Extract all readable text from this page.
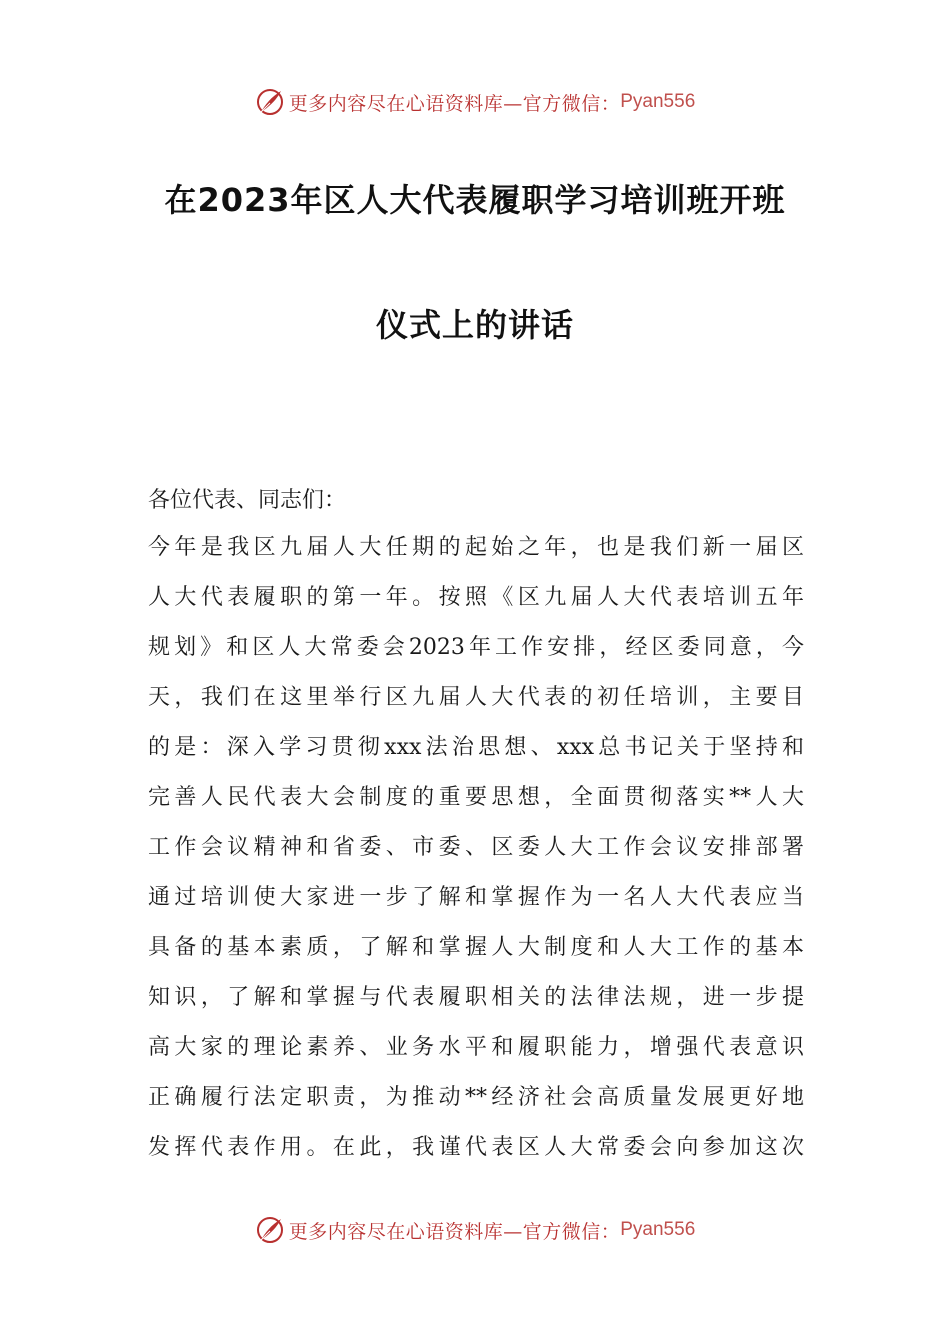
更多内容尽在心语资料库—官方微信： Pyan556
在2023年区人大代表履职学习培训班开班
仪式上的讲话
各位代表、同志们：
今年是我区九届人大任期的起始之年，也是我们新一届区
人大代表履职的第一年。按照《区九届人大代表培训五年
规划》和区人大常委会2023年工作安排，经区委同意，今
天，我们在这里举行区九届人大代表的初任培训，主要目
的是：深入学习贯彻xxx法治思想、xxx总书记关于坚持和
完善人民代表大会制度的重要思想，全面贯彻落实**人大
工作会议精神和省委、市委、区委人大工作会议安排部署
通过培训使大家进一步了解和掌握作为一名人大代表应当
具备的基本素质，了解和掌握人大制度和人大工作的基本
知识，了解和掌握与代表履职相关的法律法规，进一步提
高大家的理论素养、业务水平和履职能力，增强代表意识
正确履行法定职责，为推动**经济社会高质量发展更好地
发挥代表作用。在此，我谨代表区人大常委会向参加这次
更多内容尽在心语资料库—官方微信： Pyan556
